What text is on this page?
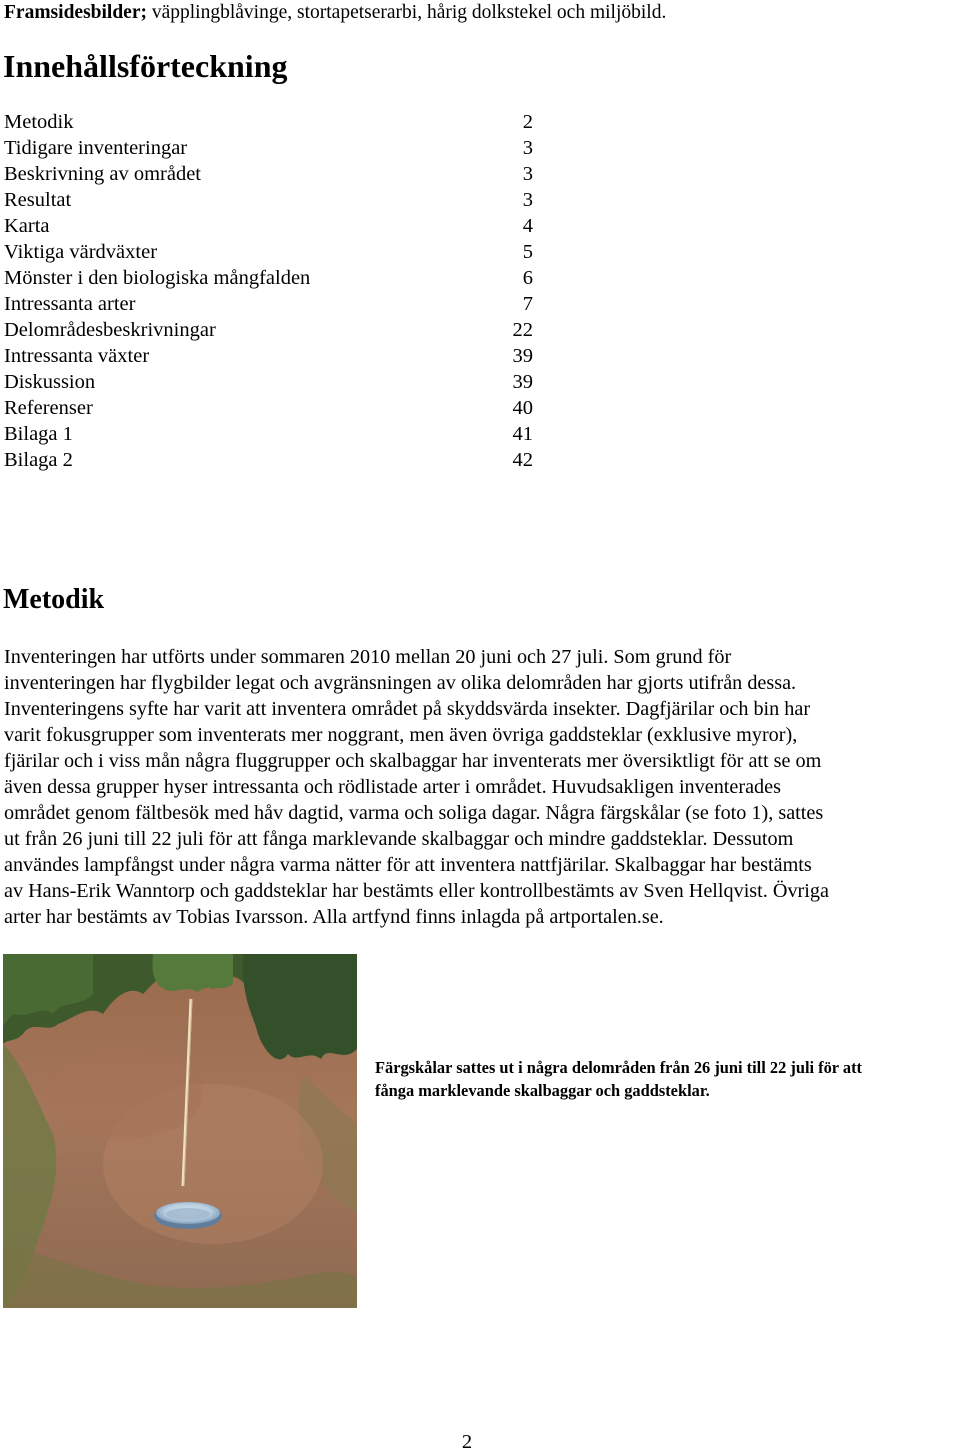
Framsidesbilder; väpplingblåvinge, stortapetserarbi, hårig dolkstekel och miljöbild.
Innehållsförteckning
Metodik	2
Tidigare inventeringar	3
Beskrivning av området	3
Resultat	3
Karta	4
Viktiga värdväxter	5
Mönster i den biologiska mångfalden	6
Intressanta arter	7
Delområdesbeskrivningar	22
Intressanta växter	39
Diskussion	39
Referenser	40
Bilaga 1	41
Bilaga 2	42
Metodik

Inventeringen har utförts under sommaren 2010 mellan 20 juni och 27 juli. Som grund för
inventeringen har flygbilder legat och avgränsningen av olika delområden har gjorts utifrån dessa.
Inventeringens syfte har varit att inventera området på skyddsvärda insekter. Dagfjärilar och bin har
varit fokusgrupper som inventerats mer noggrant, men även övriga gaddsteklar (exklusive myror),
fjärilar och i viss mån några fluggrupper och skalbaggar har inventerats mer översiktligt för att se om
även dessa grupper hyser intressanta och rödlistade arter i området. Huvudsakligen inventerades
området genom fältbesök med håv dagtid, varma och soliga dagar. Några färgskålar (se foto 1), sattes
ut från 26 juni till 22 juli för att fånga marklevande skalbaggar och mindre gaddsteklar. Dessutom
användes lampfångst under några varma nätter för att inventera nattfjärilar. Skalbaggar har bestämts
av Hans-Erik Wanntorp och gaddsteklar har bestämts eller kontrollbestämts av Sven Hellqvist. Övriga
arter har bestämts av Tobias Ivarsson. Alla artfynd finns inlagda på artportalen.se.

Färgskålar sattes ut i några delområden från 26 juni till 22 juli för att
fånga marklevande skalbaggar och gaddsteklar.

2
